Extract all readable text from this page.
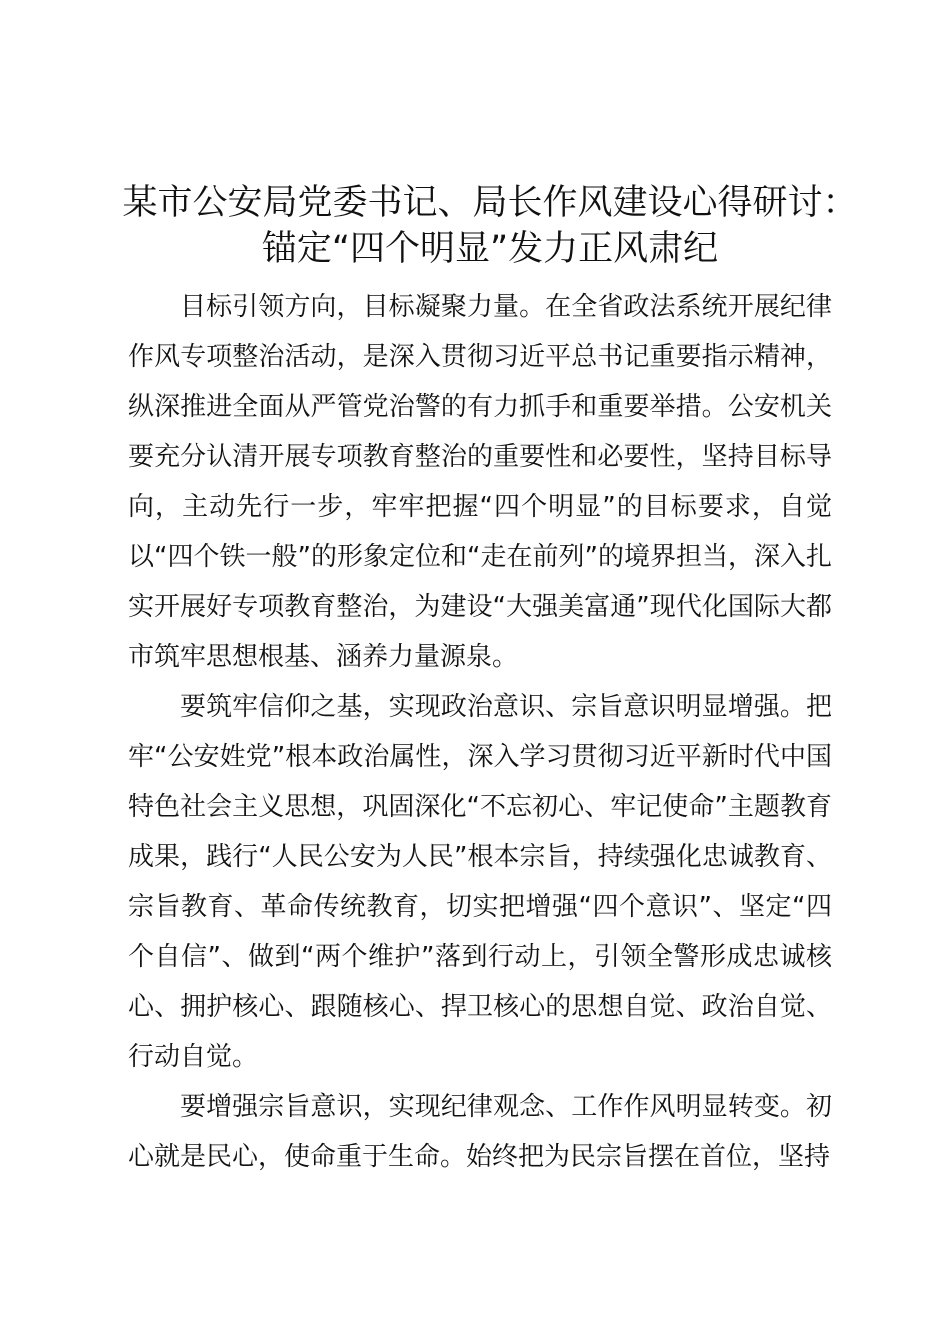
某市公安局党委书记、局长作风建设心得研讨：
锚定“四个明显”发力正风肃纪

目标引领方向，目标凝聚力量。在全省政法系统开展纪律作风专项整治活动，是深入贯彻习近平总书记重要指示精神，纵深推进全面从严管党治警的有力抓手和重要举措。公安机关要充分认清开展专项教育整治的重要性和必要性，坚持目标导向，主动先行一步，牢牢把握“四个明显”的目标要求，自觉以“四个铁一般”的形象定位和“走在前列”的境界担当，深入扎实开展好专项教育整治，为建设“大强美富通”现代化国际大都市筑牢思想根基、涵养力量源泉。

要筑牢信仰之基，实现政治意识、宗旨意识明显增强。把牢“公安姓党”根本政治属性，深入学习贯彻习近平新时代中国特色社会主义思想，巩固深化“不忘初心、牢记使命”主题教育成果，践行“人民公安为人民”根本宗旨，持续强化忠诚教育、宗旨教育、革命传统教育，切实把增强“四个意识”、坚定“四个自信”、做到“两个维护”落到行动上，引领全警形成忠诚核心、拥护核心、跟随核心、捍卫核心的思想自觉、政治自觉、行动自觉。

要增强宗旨意识，实现纪律观念、工作作风明显转变。初心就是民心，使命重于生命。始终把为民宗旨摆在首位，坚持
